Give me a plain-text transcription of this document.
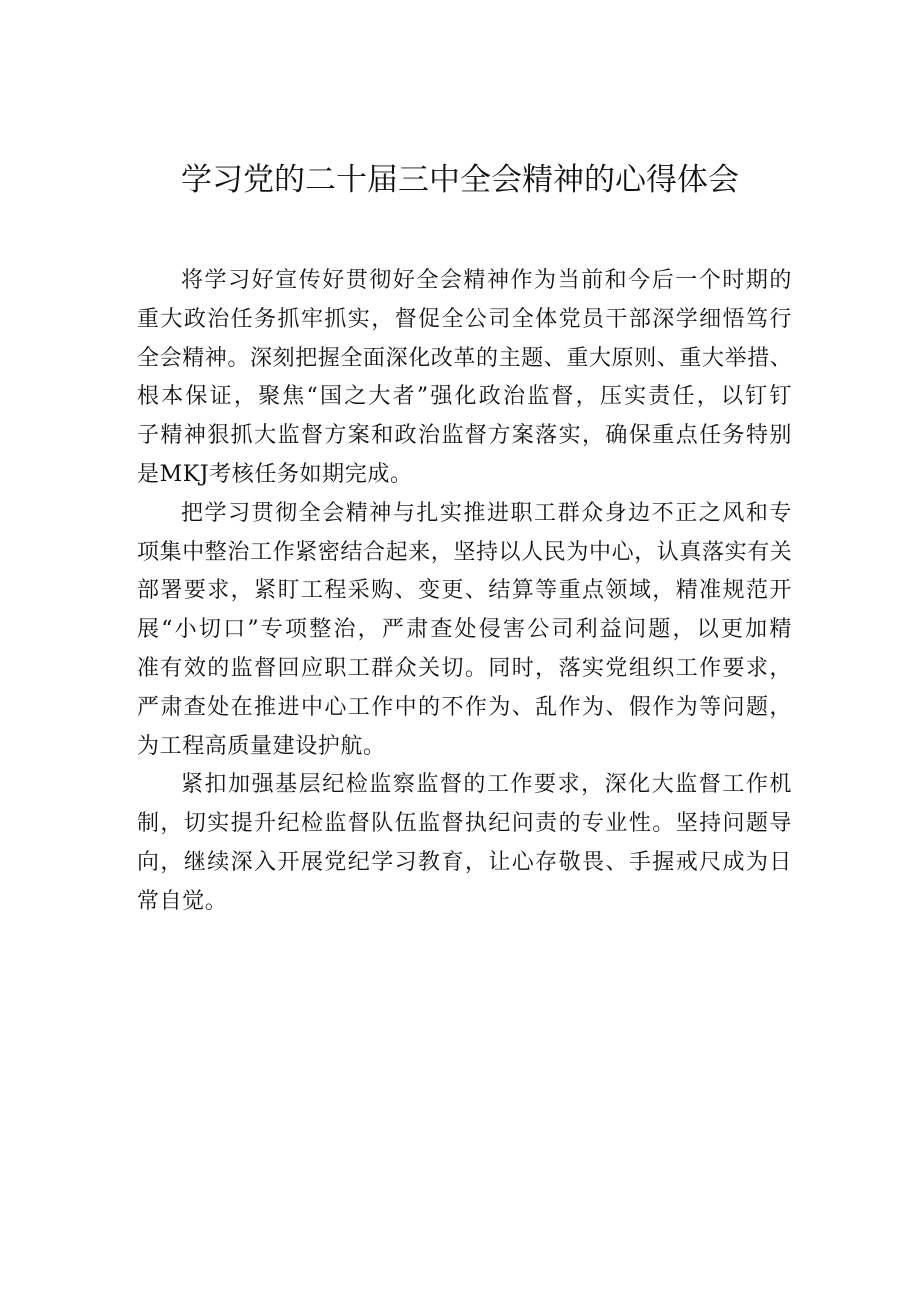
学习党的二十届三中全会精神的心得体会
将学习好宣传好贯彻好全会精神作为当前和今后一个时期的
重大政治任务抓牢抓实，督促全公司全体党员干部深学细悟笃行
全会精神。深刻把握全面深化改革的主题、重大原则、重大举措、
根本保证，聚焦“国之大者”强化政治监督，压实责任，以钉钉
子精神狠抓大监督方案和政治监督方案落实，确保重点任务特别
是MKJ考核任务如期完成。
把学习贯彻全会精神与扎实推进职工群众身边不正之风和专
项集中整治工作紧密结合起来，坚持以人民为中心，认真落实有关
部署要求，紧盯工程采购、变更、结算等重点领域，精准规范开
展“小切口”专项整治，严肃查处侵害公司利益问题，以更加精
准有效的监督回应职工群众关切。同时，落实党组织工作要求，
严肃查处在推进中心工作中的不作为、乱作为、假作为等问题，
为工程高质量建设护航。
紧扣加强基层纪检监察监督的工作要求，深化大监督工作机
制，切实提升纪检监督队伍监督执纪问责的专业性。坚持问题导
向，继续深入开展党纪学习教育，让心存敬畏、手握戒尺成为日
常自觉。
